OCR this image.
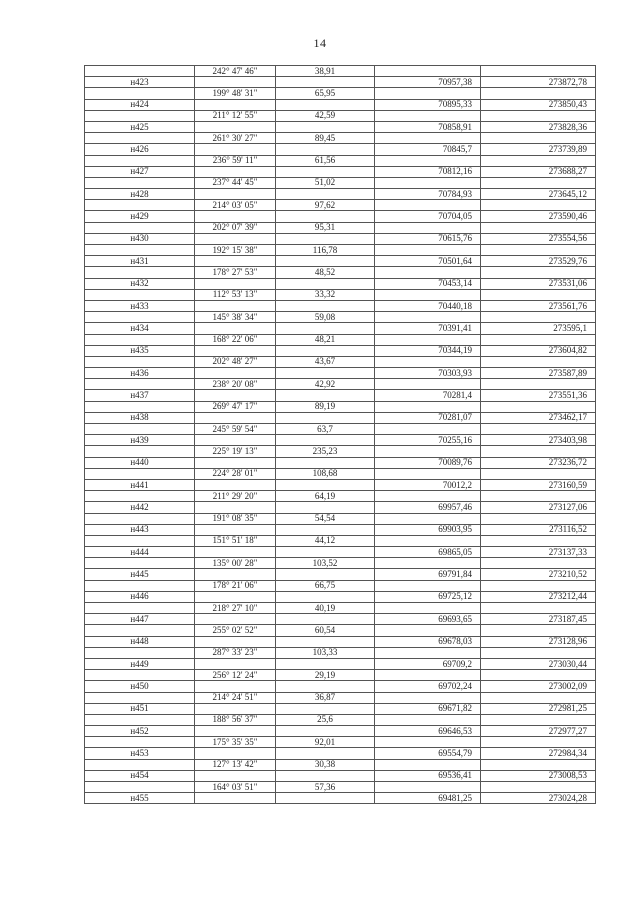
14
	242° 47' 46"	38,91		
н423			70957,38	273872,78
	199° 48' 31"	65,95		
н424			70895,33	273850,43
	211° 12' 55"	42,59		
н425			70858,91	273828,36
	261° 30' 27"	89,45		
н426			70845,7	273739,89
	236° 59' 11"	61,56		
н427			70812,16	273688,27
	237° 44' 45"	51,02		
н428			70784,93	273645,12
	214° 03' 05"	97,62		
н429			70704,05	273590,46
	202° 07' 39"	95,31		
н430			70615,76	273554,56
	192° 15' 38"	116,78		
н431			70501,64	273529,76
	178° 27' 53"	48,52		
н432			70453,14	273531,06
	112° 53' 13"	33,32		
н433			70440,18	273561,76
	145° 38' 34"	59,08		
н434			70391,41	273595,1
	168° 22' 06"	48,21		
н435			70344,19	273604,82
	202° 48' 27"	43,67		
н436			70303,93	273587,89
	238° 20' 08"	42,92		
н437			70281,4	273551,36
	269° 47' 17"	89,19		
н438			70281,07	273462,17
	245° 59' 54"	63,7		
н439			70255,16	273403,98
	225° 19' 13"	235,23		
н440			70089,76	273236,72
	224° 28' 01"	108,68		
н441			70012,2	273160,59
	211° 29' 20"	64,19		
н442			69957,46	273127,06
	191° 08' 35"	54,54		
н443			69903,95	273116,52
	151° 51' 18"	44,12		
н444			69865,05	273137,33
	135° 00' 28"	103,52		
н445			69791,84	273210,52
	178° 21' 06"	66,75		
н446			69725,12	273212,44
	218° 27' 10"	40,19		
н447			69693,65	273187,45
	255° 02' 52"	60,54		
н448			69678,03	273128,96
	287° 33' 23"	103,33		
н449			69709,2	273030,44
	256° 12' 24"	29,19		
н450			69702,24	273002,09
	214° 24' 51"	36,87		
н451			69671,82	272981,25
	188° 56' 37"	25,6		
н452			69646,53	272977,27
	175° 35' 35"	92,01		
н453			69554,79	272984,34
	127° 13' 42"	30,38		
н454			69536,41	273008,53
	164° 03' 51"	57,36		
н455			69481,25	273024,28
